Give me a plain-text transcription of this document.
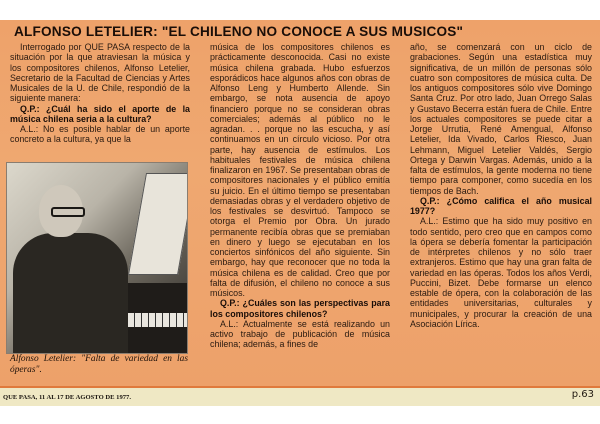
ALFONSO LETELIER: "EL CHILENO NO CONOCE A SUS MUSICOS"

Interrogado por QUE PASA respecto de la situación por la que atraviesan la música y los compositores chilenos, Alfonso Letelier, Secretario de la Facultad de Ciencias y Artes Musicales de la U. de Chile, respondió de la siguiente manera:

Q.P.: ¿Cuál ha sido el aporte de la música chilena seria a la cultura?

A.L.: No es posible hablar de un aporte concreto a la cultura, ya que la

Alfonso Letelier: "Falta de variedad en las óperas".

música de los compositores chilenos es prácticamente desconocida. Casi no existe música chilena grabada. Hubo esfuerzos esporádicos hace algunos años con obras de Alfonso Leng y Humberto Allende. Sin embargo, se nota ausencia de apoyo financiero porque no se consideran obras comerciales; además al público no le agradan. . . porque no las escucha, y así continuamos en un círculo vicioso. Por otra parte, hay ausencia de estímulos. Los habituales festivales de música chilena finalizaron en 1967. Se presentaban obras de compositores nacionales y el público emitía su juicio. En el último tiempo se presentaban demasiadas obras y el verdadero objetivo de los festivales se desvirtuó. Tampoco se otorga el Premio por Obra. Un jurado permanente recibía obras que se premiaban en dinero y luego se ejecutaban en los conciertos sinfónicos del año siguiente. Sin embargo, hay que reconocer que no toda la música chilena es de calidad. Creo que por falta de difusión, el chileno no conoce a sus músicos.

Q.P.: ¿Cuáles son las perspectivas para los compositores chilenos?

A.L.: Actualmente se está realizando un activo trabajo de publicación de música chilena; además, a fines de

año, se comenzará con un ciclo de grabaciones. Según una estadística muy significativa, de un millón de personas sólo cuatro son compositores de música culta. De los antiguos compositores sólo vive Domingo Santa Cruz. Por otro lado, Juan Orrego Salas y Gustavo Becerra están fuera de Chile. Entre los actuales compositores se puede citar a Jorge Urrutia, René Amengual, Alfonso Letelier, Ida Vivado, Carlos Riesco, Juan Lehmann, Miguel Letelier Valdés, Sergio Ortega y Darwin Vargas. Además, unido a la falta de estímulos, la gente moderna no tiene tiempo para componer, como sucedía en los tiempos de Bach.

Q.P.: ¿Cómo califica el año musical 1977?

A.L.: Estimo que ha sido muy positivo en todo sentido, pero creo que en campos como la ópera se debería fomentar la participación de intérpretes chilenos y no sólo traer extranjeros. Estimo que hay una gran falta de variedad en las óperas. Todos los años Verdi, Puccini, Bizet. Debe formarse un elenco estable de ópera, con la colaboración de las entidades universitarias, culturales y municipales, y procurar la creación de una Asociación Lírica.

QUE PASA, 11 AL 17 DE AGOSTO DE 1977.	p.63
